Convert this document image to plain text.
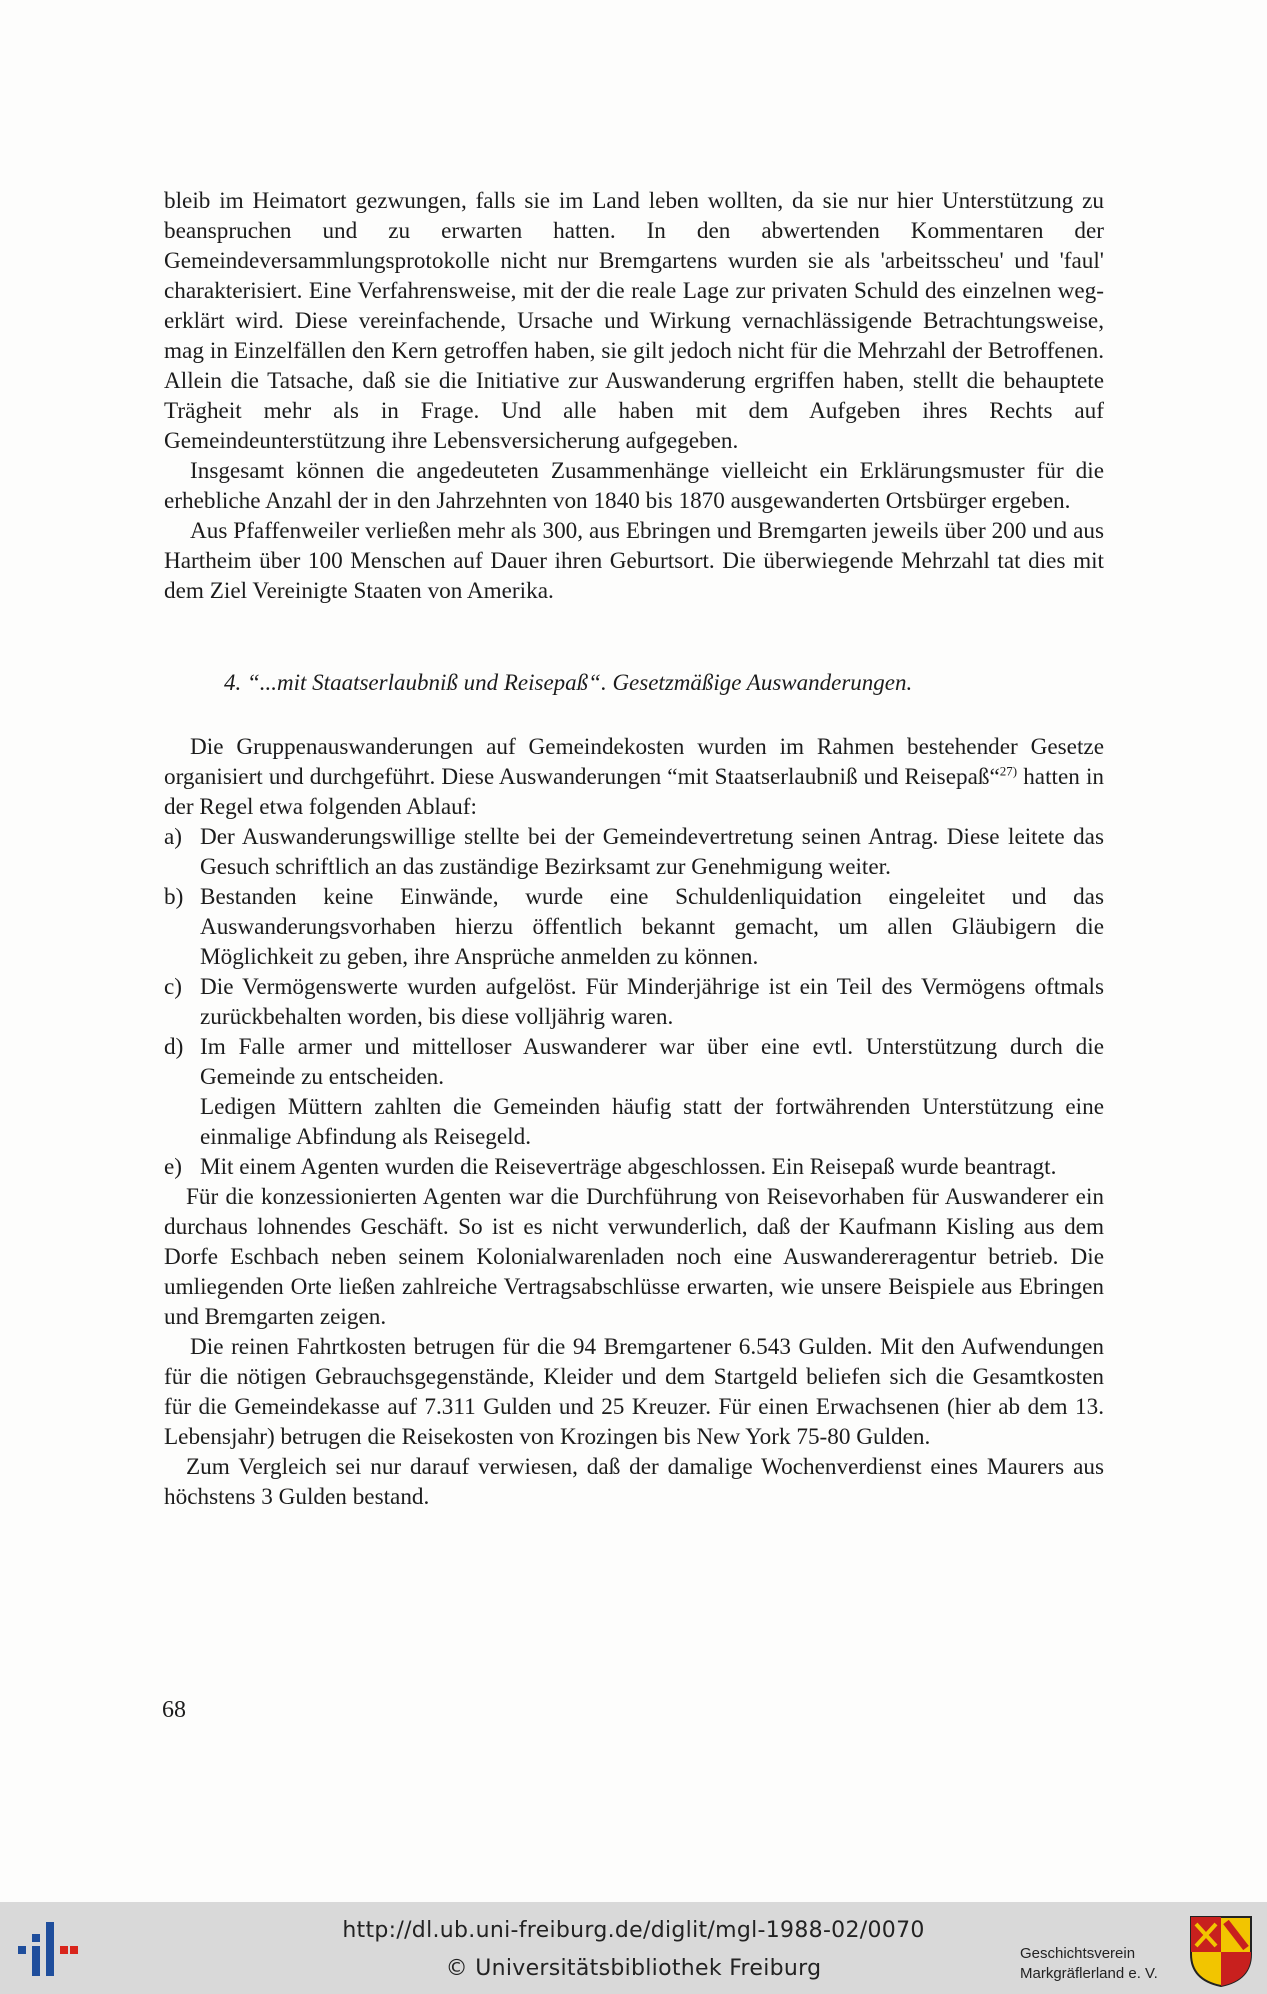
bleib im Heimatort gezwungen, falls sie im Land leben wollten, da sie nur hier Unterstützung zu beanspruchen und zu erwarten hatten. In den abwertenden Kommentaren der Gemeindeversammlungsprotokolle nicht nur Bremgartens wurden sie als 'arbeitsscheu' und 'faul' charakterisiert. Eine Verfahrensweise, mit der die reale Lage zur privaten Schuld des einzelnen weg-erklärt wird. Diese vereinfachende, Ursache und Wirkung vernachlässigende Betrachtungsweise, mag in Einzelfällen den Kern getroffen haben, sie gilt jedoch nicht für die Mehrzahl der Betroffenen. Allein die Tatsache, daß sie die Initiative zur Auswanderung ergriffen haben, stellt die behauptete Trägheit mehr als in Frage. Und alle haben mit dem Aufgeben ihres Rechts auf Gemeindeunterstützung ihre Lebensversicherung aufgegeben.

Insgesamt können die angedeuteten Zusammenhänge vielleicht ein Erklärungsmuster für die erhebliche Anzahl der in den Jahrzehnten von 1840 bis 1870 ausgewanderten Ortsbürger ergeben.

Aus Pfaffenweiler verließen mehr als 300, aus Ebringen und Bremgarten jeweils über 200 und aus Hartheim über 100 Menschen auf Dauer ihren Geburtsort. Die überwiegende Mehrzahl tat dies mit dem Ziel Vereinigte Staaten von Amerika.

4. “...mit Staatserlaubniß und Reisepaß“. Gesetzmäßige Auswanderungen.

Die Gruppenauswanderungen auf Gemeindekosten wurden im Rahmen bestehender Gesetze organisiert und durchgeführt. Diese Auswanderungen “mit Staatserlaubniß und Reisepaß“$^{27)}$ hatten in der Regel etwa folgenden Ablauf:

a) Der Auswanderungswillige stellte bei der Gemeindevertretung seinen Antrag. Diese leitete das Gesuch schriftlich an das zuständige Bezirksamt zur Genehmigung weiter.
b) Bestanden keine Einwände, wurde eine Schuldenliquidation eingeleitet und das Auswanderungsvorhaben hierzu öffentlich bekannt gemacht, um allen Gläubigern die Möglichkeit zu geben, ihre Ansprüche anmelden zu können.
c) Die Vermögenswerte wurden aufgelöst. Für Minderjährige ist ein Teil des Vermögens oftmals zurückbehalten worden, bis diese volljährig waren.
d) Im Falle armer und mittelloser Auswanderer war über eine evtl. Unterstützung durch die Gemeinde zu entscheiden.

Ledigen Müttern zahlten die Gemeinden häufig statt der fortwährenden Unterstützung eine einmalige Abfindung als Reisegeld.

e) Mit einem Agenten wurden die Reiseverträge abgeschlossen. Ein Reisepaß wurde beantragt.

Für die konzessionierten Agenten war die Durchführung von Reisevorhaben für Auswanderer ein durchaus lohnendes Geschäft. So ist es nicht verwunderlich, daß der Kaufmann Kisling aus dem Dorfe Eschbach neben seinem Kolonialwarenladen noch eine Auswandereragentur betrieb. Die umliegenden Orte ließen zahlreiche Vertragsabschlüsse erwarten, wie unsere Beispiele aus Ebringen und Bremgarten zeigen.

Die reinen Fahrtkosten betrugen für die 94 Bremgartener 6.543 Gulden. Mit den Aufwendungen für die nötigen Gebrauchsgegenstände, Kleider und dem Startgeld beliefen sich die Gesamtkosten für die Gemeindekasse auf 7.311 Gulden und 25 Kreuzer. Für einen Erwachsenen (hier ab dem 13. Lebensjahr) betrugen die Reisekosten von Krozingen bis New York 75-80 Gulden.

Zum Vergleich sei nur darauf verwiesen, daß der damalige Wochenverdienst eines Maurers aus höchstens 3 Gulden bestand.

68
http://dl.ub.uni-freiburg.de/diglit/mgl-1988-02/0070
© Universitätsbibliothek Freiburg
Geschichtsverein
Markgräflerland e. V.
